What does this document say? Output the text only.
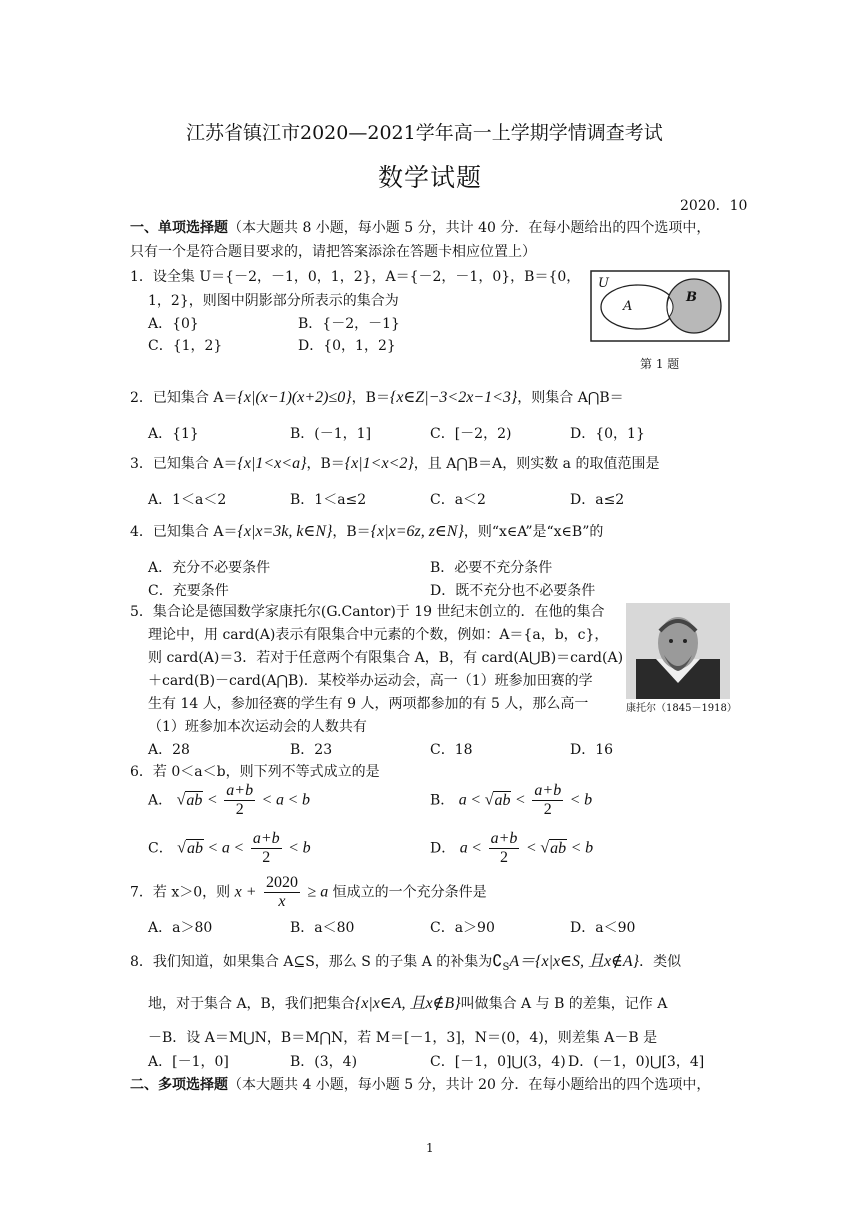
江苏省镇江市2020—2021学年高一上学期学情调查考试
数学试题
2020．10
一、单项选择题（本大题共 8 小题，每小题 5 分，共计 40 分．在每小题给出的四个选项中，
只有一个是符合题目要求的，请把答案添涂在答题卡相应位置上）
1．设全集 U＝{－2，－1，0，1，2}，A＝{－2，－1，0}，B＝{0，
1，2}，则图中阴影部分所表示的集合为
A．{0}	B．{－2，－1}
C．{1，2}	D．{0，1，2}
U
A
B
第 1 题
2．已知集合 A＝{x|(x−1)(x+2)≤0}，B＝{x∈Z|−3<2x−1<3}，则集合 A⋂B＝
A．{1}	B．(－1，1]	C．[－2，2)	D．{0，1}
3．已知集合 A＝{x|1<x<a}，B＝{x|1<x<2}，且 A⋂B＝A，则实数 a 的取值范围是
A．1＜a＜2	B．1＜a≤2	C．a＜2	D．a≤2
4．已知集合 A＝{x|x=3k, k∈N}，B＝{x|x=6z, z∈N}，则“x∈A”是“x∈B”的
A．充分不必要条件	B．必要不充分条件
C．充要条件	D．既不充分也不必要条件
5．集合论是德国数学家康托尔(G.Cantor)于 19 世纪末创立的．在他的集合
理论中，用 card(A)表示有限集合中元素的个数，例如：A＝{a，b，c}，
则 card(A)＝3．若对于任意两个有限集合 A，B，有 card(A⋃B)＝card(A)
＋card(B)－card(A⋂B)．某校举办运动会，高一（1）班参加田赛的学
生有 14 人，参加径赛的学生有 9 人，两项都参加的有 5 人，那么高一
（1）班参加本次运动会的人数共有
康托尔（1845－1918）
A．28	B．23	C．18	D．16
6．若 0＜a＜b，则下列不等式成立的是
A． $√ab < \frac{a+b}{2} < a < b$	B． $a < √ab < \frac{a+b}{2} < b$
C． $√ab < a < \frac{a+b}{2} < b$	D． $a < \frac{a+b}{2} < √ab < b$
7．若 x＞0，则 $x + \frac{2020}{x} \ge a$ 恒成立的一个充分条件是
A．a＞80	B．a＜80	C．a＞90	D．a＜90
8．我们知道，如果集合 A⊆S，那么 S 的子集 A 的补集为$∁_SA=\{x|x\in S$, 且x∉A}．类似
地，对于集合 A，B，我们把集合{x|x∈A, 且x∉B}叫做集合 A 与 B 的差集，记作 A
－B．设 A＝M⋃N，B＝M⋂N，若 M＝[－1，3]，N＝(0，4)，则差集 A－B 是
A．[－1，0]	B．(3，4)	C．[－1，0]⋃(3，4) D．(－1，0)⋃[3，4]
二、多项选择题（本大题共 4 小题，每小题 5 分，共计 20 分．在每小题给出的四个选项中，
1
